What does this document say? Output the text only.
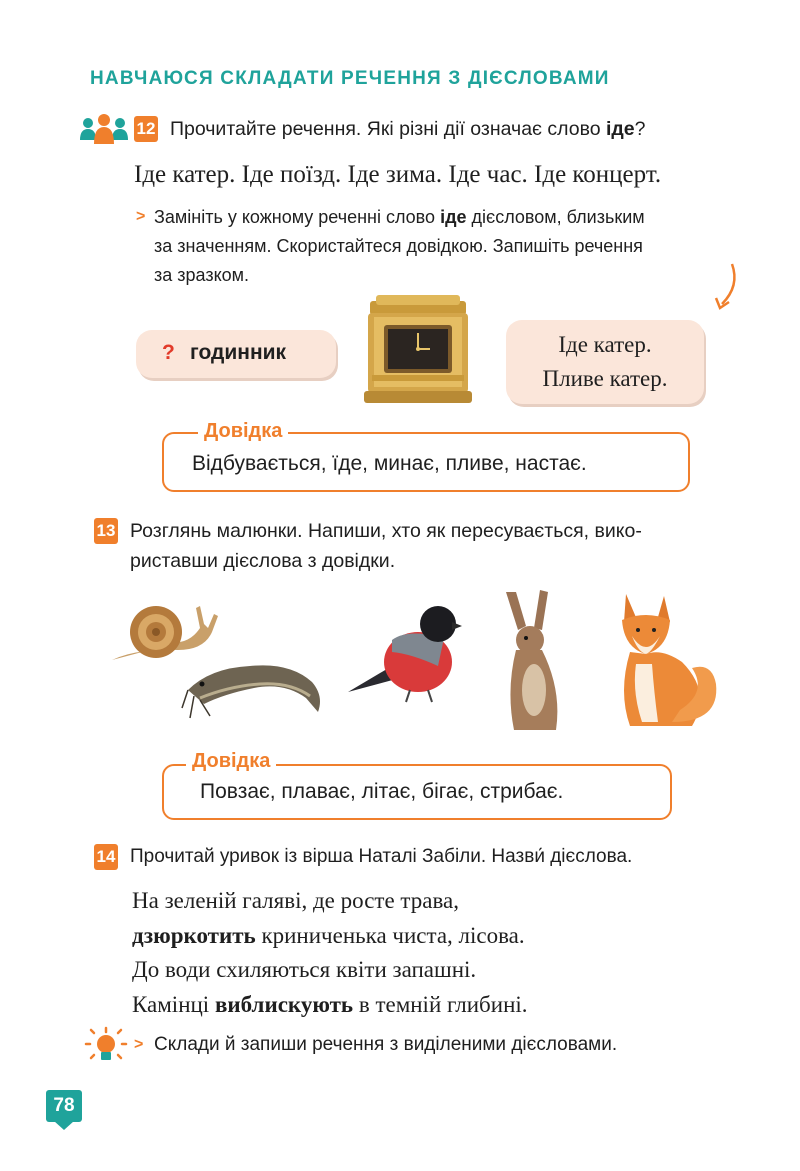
НАВЧАЮСЯ СКЛАДАТИ РЕЧЕННЯ З ДІЄСЛОВАМИ
12 Прочитайте речення. Які різні дії означає слово іде?
Іде катер. Іде поїзд. Іде зима. Іде час. Іде концерт.
> Замініть у кожному реченні слово іде дієсловом, близьким
за значенням. Скористайтеся довідкою. Запишіть речення
за зразком.
? годинник	Іде катер.
Пливе катер.
Довідка
Відбувається, їде, минає, пливе, настає.
13 Розглянь малюнки. Напиши, хто як пересувається, вико-
риставши дієслова з довідки.
Довідка
Повзає, плаває, літає, бігає, стрибає.
14 Прочитай уривок із вірша Наталі Забіли. Назви́ дієслова.
На зеленій галяві, де росте трава,
дзюркотить криниченька чиста, лісова.
До води схиляються квіти запашні.
Камінці виблискують в темній глибині.
> Склади й запиши речення з виділеними дієсловами.
78
